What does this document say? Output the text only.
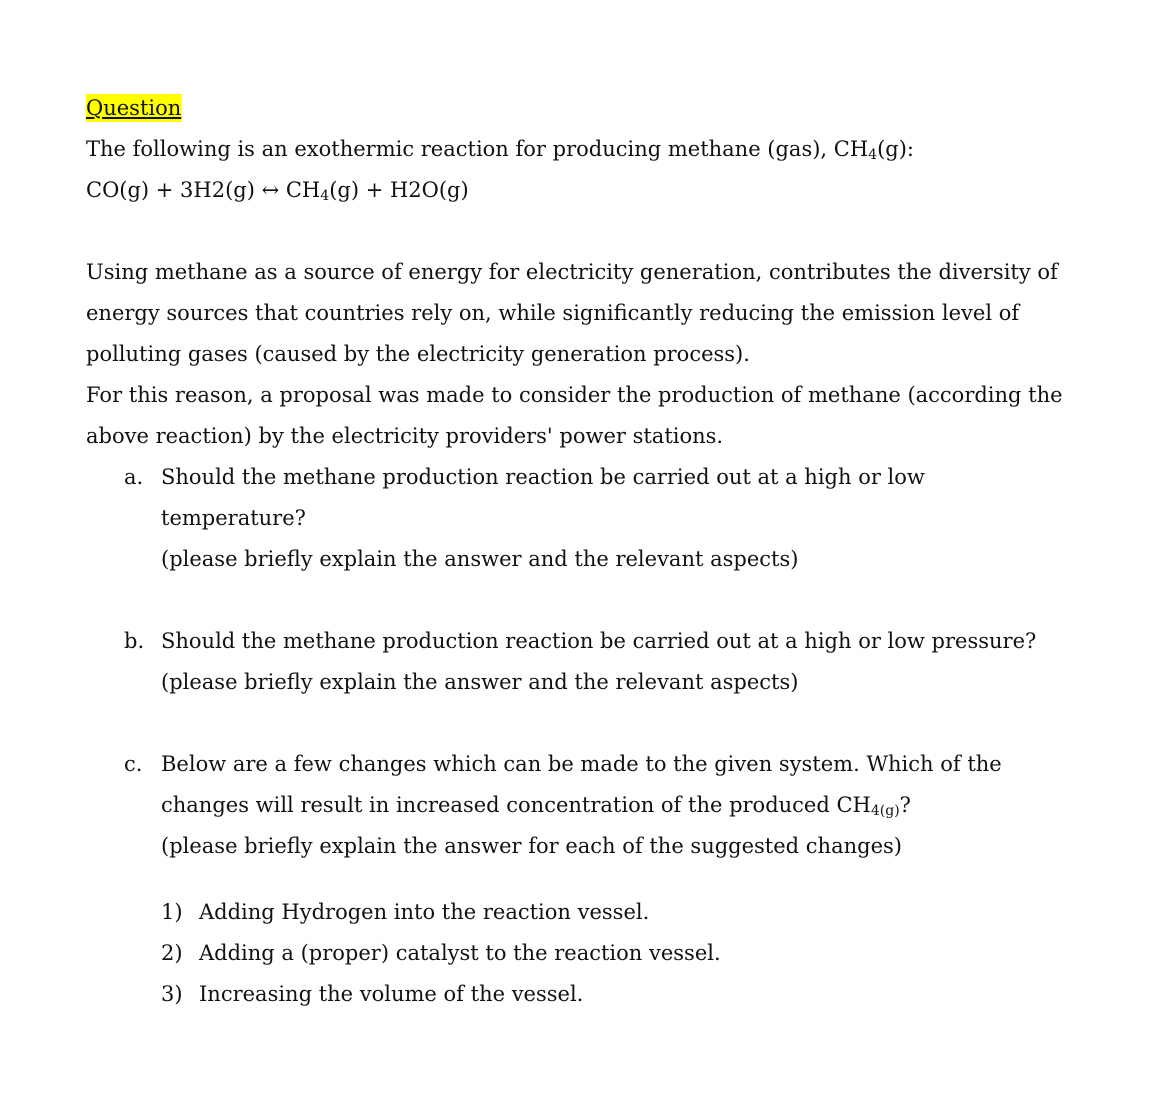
Question
The following is an exothermic reaction for producing methane (gas), $CH_4(g)$:
CO(g) + 3H2(g) ↔ $CH_4(g) + H2O(g)$
Using methane as a source of energy for electricity generation, contributes the diversity of
energy sources that countries rely on, while significantly reducing the emission level of
polluting gases (caused by the electricity generation process).
For this reason, a proposal was made to consider the production of methane (according the
above reaction) by the electricity providers' power stations.
a. Should the methane production reaction be carried out at a high or low
temperature?
(please briefly explain the answer and the relevant aspects)
b. Should the methane production reaction be carried out at a high or low pressure?
(please briefly explain the answer and the relevant aspects)
c. Below are a few changes which can be made to the given system. Which of the
changes will result in increased concentration of the produced $CH_{4(g)}$?
(please briefly explain the answer for each of the suggested changes)
1) Adding Hydrogen into the reaction vessel.
2) Adding a (proper) catalyst to the reaction vessel.
3) Increasing the volume of the vessel.
